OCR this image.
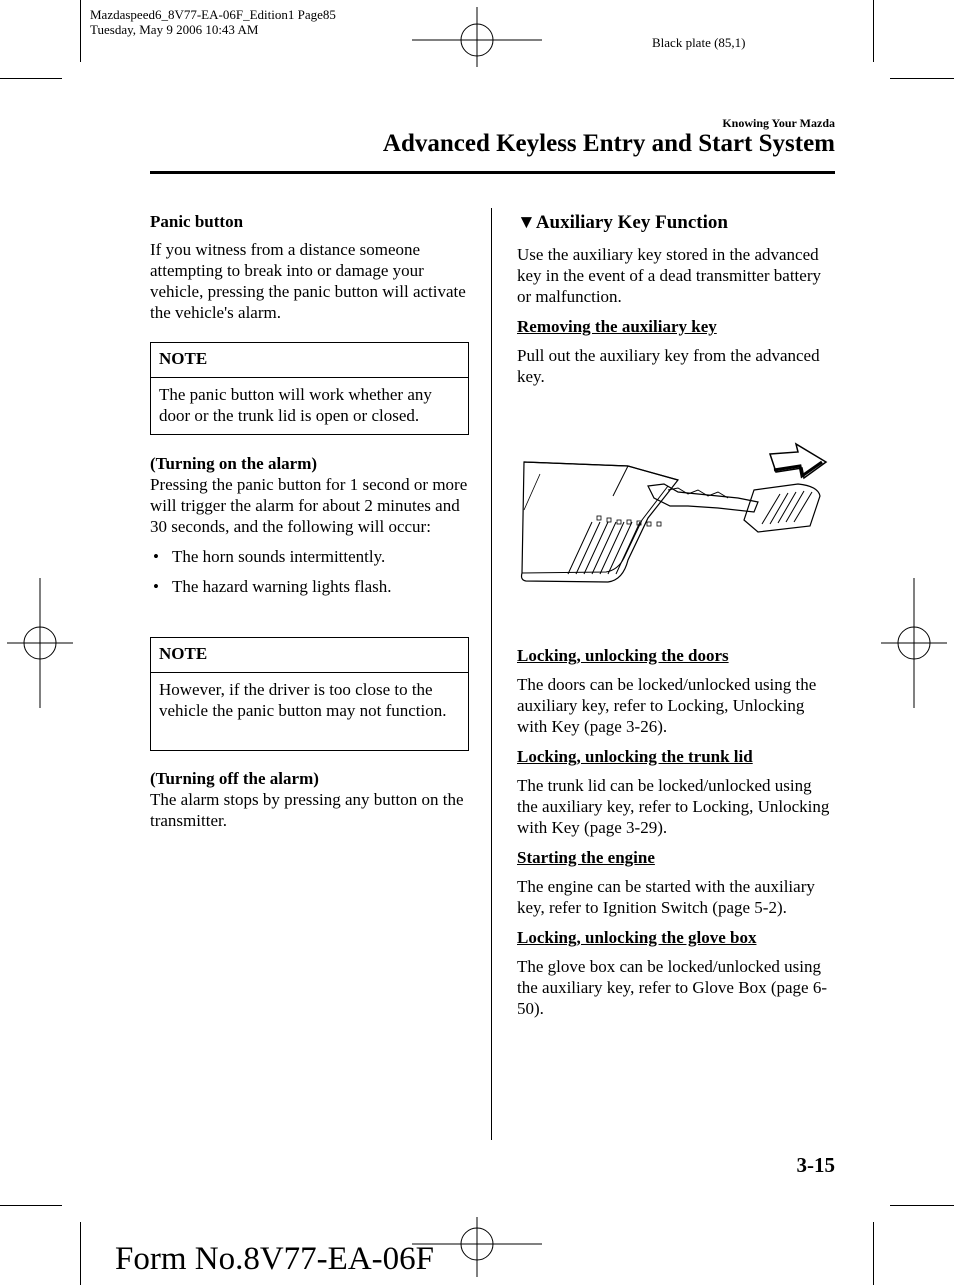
Mazdaspeed6_8V77-EA-06F_Edition1 Page85
Tuesday, May 9 2006 10:43 AM
Black plate (85,1)
Knowing Your Mazda
Advanced Keyless Entry and Start System

Panic button

If you witness from a distance someone attempting to break into or damage your vehicle, pressing the panic button will activate the vehicle's alarm.

NOTE
The panic button will work whether any door or the trunk lid is open or closed.

(Turning on the alarm)

Pressing the panic button for 1 second or more will trigger the alarm for about 2 minutes and 30 seconds, and the following will occur:

• The horn sounds intermittently.
• The hazard warning lights flash.
NOTE
However, if the driver is too close to the vehicle the panic button may not function.

(Turning off the alarm)

The alarm stops by pressing any button on the transmitter.

▼Auxiliary Key Function

Use the auxiliary key stored in the advanced key in the event of a dead transmitter battery or malfunction.

Removing the auxiliary key

Pull out the auxiliary key from the advanced key.

Locking, unlocking the doors

The doors can be locked/unlocked using the auxiliary key, refer to Locking, Unlocking with Key (page 3-26).

Locking, unlocking the trunk lid

The trunk lid can be locked/unlocked using the auxiliary key, refer to Locking, Unlocking with Key (page 3-29).

Starting the engine

The engine can be started with the auxiliary key, refer to Ignition Switch (page 5-2).

Locking, unlocking the glove box

The glove box can be locked/unlocked using the auxiliary key, refer to Glove Box (page 6-50).

3-15
Form No.8V77-EA-06F
